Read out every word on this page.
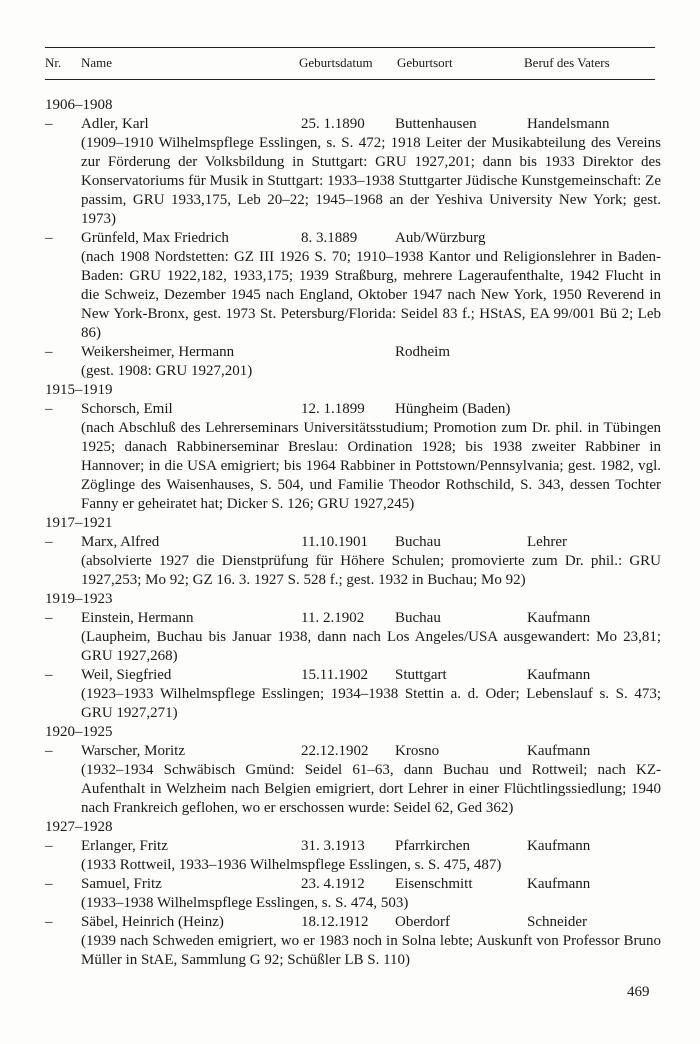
Nr. Name	Geburtsdatum Geburtsort	Beruf des Vaters
1906–1908
– Adler, Karl	25. 1.1890 Buttenhausen	Handelsmann
(1909–1910 Wilhelmspflege Esslingen, s. S. 472; 1918 Leiter der Musikabteilung des Vereins zur Förderung der Volksbildung in Stuttgart: GRU 1927,201; dann bis 1933 Direktor des Konservatoriums für Musik in Stuttgart: 1933–1938 Stuttgarter Jüdische Kunstgemeinschaft: Ze passim, GRU 1933,175, Leb 20–22; 1945–1968 an der Yeshiva University New York; gest. 1973)
– Grünfeld, Max Friedrich	8. 3.1889	Aub/Würzburg
(nach 1908 Nordstetten: GZ III 1926 S. 70; 1910–1938 Kantor und Religionslehrer in Baden-Baden: GRU 1922,182, 1933,175; 1939 Straßburg, mehrere Lageraufenthalte, 1942 Flucht in die Schweiz, Dezember 1945 nach England, Oktober 1947 nach New York, 1950 Reverend in New York-Bronx, gest. 1973 St. Petersburg/Florida: Seidel 83 f.; HStAS, EA 99/001 Bü 2; Leb 86)
– Weikersheimer, Hermann	Rodheim
(gest. 1908: GRU 1927,201)
1915–1919
– Schorsch, Emil	12. 1.1899 Hüngheim (Baden)
(nach Abschluß des Lehrerseminars Universitätsstudium; Promotion zum Dr. phil. in Tübingen 1925; danach Rabbinerseminar Breslau: Ordination 1928; bis 1938 zweiter Rabbiner in Hannover; in die USA emigriert; bis 1964 Rabbiner in Pottstown/Pennsylvania; gest. 1982, vgl. Zöglinge des Waisenhauses, S. 504, und Familie Theodor Rothschild, S. 343, dessen Tochter Fanny er geheiratet hat; Dicker S. 126; GRU 1927,245)
1917–1921
– Marx, Alfred	11.10.1901 Buchau	Lehrer
(absolvierte 1927 die Dienstprüfung für Höhere Schulen; promovierte zum Dr. phil.: GRU 1927,253; Mo 92; GZ 16. 3. 1927 S. 528 f.; gest. 1932 in Buchau; Mo 92)
1919–1923
– Einstein, Hermann	11. 2.1902 Buchau	Kaufmann
(Laupheim, Buchau bis Januar 1938, dann nach Los Angeles/USA ausgewandert: Mo 23,81; GRU 1927,268)
– Weil, Siegfried	15.11.1902 Stuttgart	Kaufmann
(1923–1933 Wilhelmspflege Esslingen; 1934–1938 Stettin a. d. Oder; Lebenslauf s. S. 473; GRU 1927,271)
1920–1925
– Warscher, Moritz	22.12.1902 Krosno	Kaufmann
(1932–1934 Schwäbisch Gmünd: Seidel 61–63, dann Buchau und Rottweil; nach KZ-Aufenthalt in Welzheim nach Belgien emigriert, dort Lehrer in einer Flüchtlingssiedlung; 1940 nach Frankreich geflohen, wo er erschossen wurde: Seidel 62, Ged 362)
1927–1928
– Erlanger, Fritz	31. 3.1913 Pfarrkirchen	Kaufmann
(1933 Rottweil, 1933–1936 Wilhelmspflege Esslingen, s. S. 475, 487)
– Samuel, Fritz	23. 4.1912 Eisenschmitt	Kaufmann
(1933–1938 Wilhelmspflege Esslingen, s. S. 474, 503)
– Säbel, Heinrich (Heinz)	18.12.1912 Oberdorf	Schneider
(1939 nach Schweden emigriert, wo er 1983 noch in Solna lebte; Auskunft von Professor Bruno Müller in StAE, Sammlung G 92; Schüßler LB S. 110)
469
